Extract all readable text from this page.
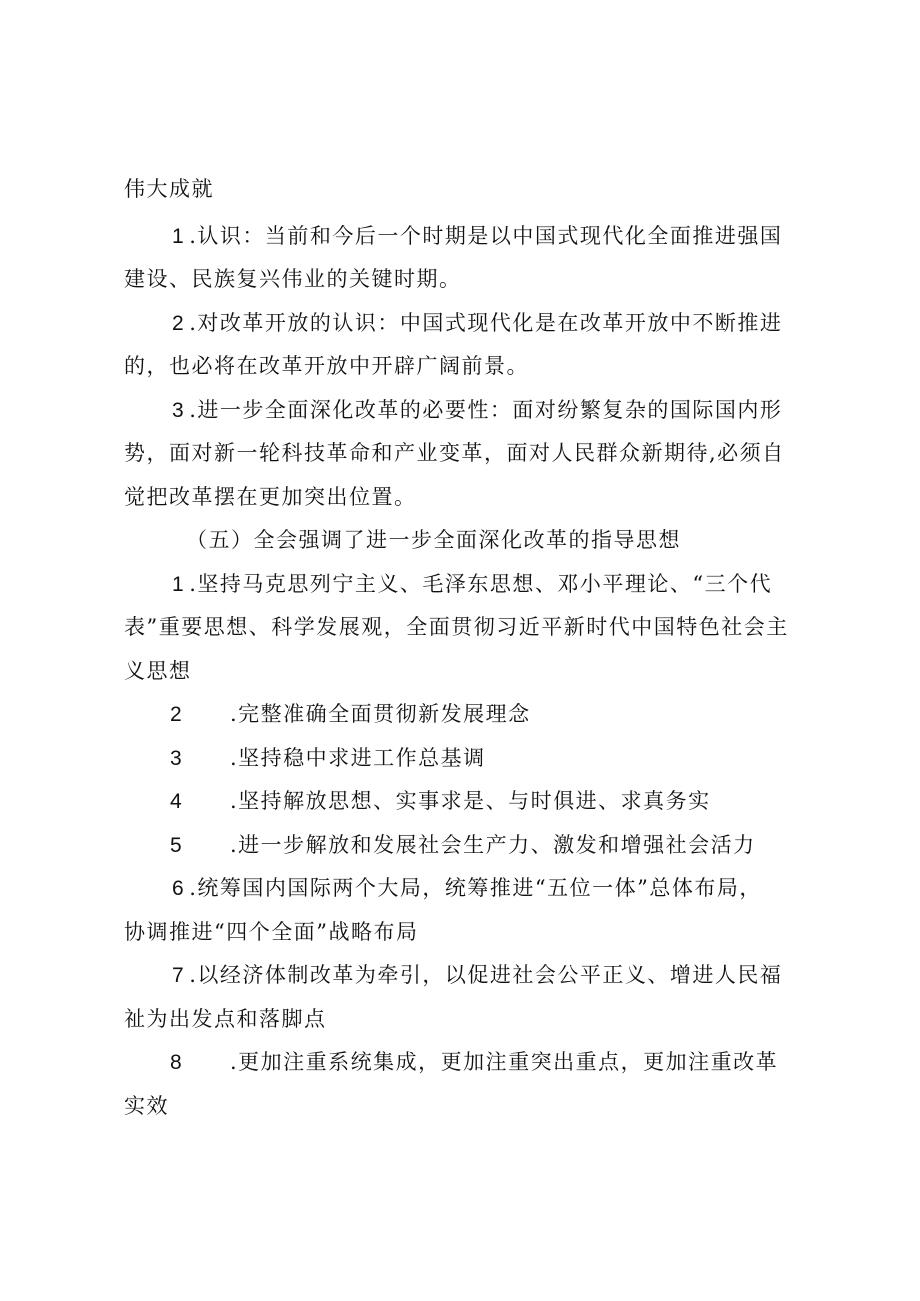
伟大成就
1 .认识：当前和今后一个时期是以中国式现代化全面推进强国
建设、民族复兴伟业的关键时期。
2 .对改革开放的认识：中国式现代化是在改革开放中不断推进
的，也必将在改革开放中开辟广阔前景。
3 .进一步全面深化改革的必要性：面对纷繁复杂的国际国内形
势，面对新一轮科技革命和产业变革，面对人民群众新期待,必须自
觉把改革摆在更加突出位置。
（五）全会强调了进一步全面深化改革的指导思想
1 .坚持马克思列宁主义、毛泽东思想、邓小平理论、“三个代
表”重要思想、科学发展观，全面贯彻习近平新时代中国特色社会主
义思想
2 .完整准确全面贯彻新发展理念
3 .坚持稳中求进工作总基调
4 .坚持解放思想、实事求是、与时俱进、求真务实
5 .进一步解放和发展社会生产力、激发和增强社会活力
6 .统筹国内国际两个大局，统筹推进“五位一体”总体布局，
协调推进“四个全面”战略布局
7 .以经济体制改革为牵引，以促进社会公平正义、增进人民福
祉为出发点和落脚点
8 .更加注重系统集成，更加注重突出重点，更加注重改革
实效
